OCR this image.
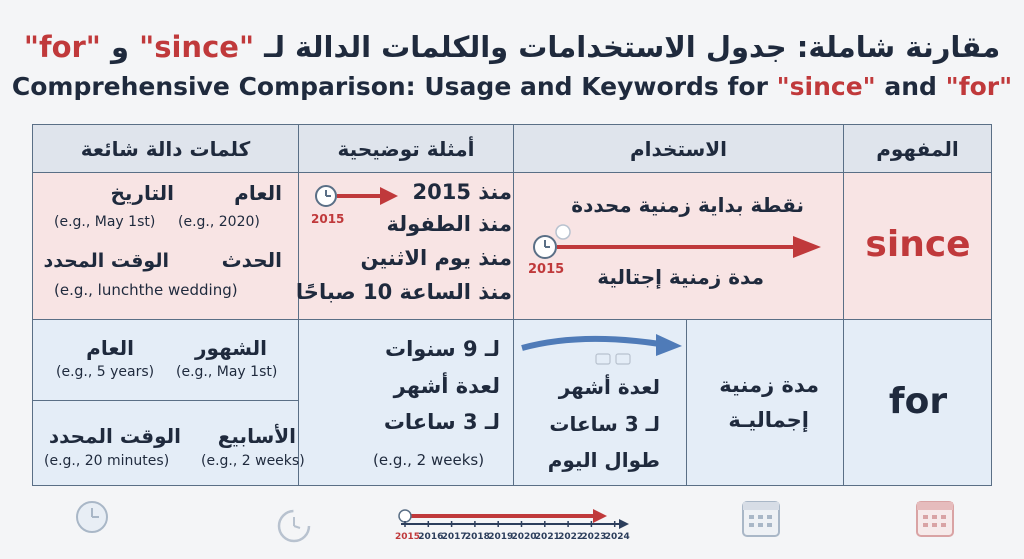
مقارنة شاملة: جدول الاستخدامات والكلمات الدالة لـ "since" و "for"
Comprehensive Comparison: Usage and Keywords for "since" and "for"
المفهوم
الاستخدام
أمثلة توضيحية
كلمات دالة شائعة
since
نقطة بداية زمنية محددة
مدة زمنية إجتالية
2015
2015
منذ 2015
منذ الطفولة
منذ يوم الاثنين
منذ الساعة 10 صباحًا
العام
(e.g., 2020)
التاريخ
(e.g., May 1st)
الحدث
الوقت المحدد
(e.g., lunchthe wedding)
for
مدة زمنية
إجماليـة
لعدة أشهر
لـ 3 ساعات
طوال اليوم
لـ 9 سنوات
لعدة أشهر
لـ 3 ساعات
(e.g., 2 weeks)
الشهور
(e.g., May 1st)
العام
(e.g., 5 years)
الأسابيع
(e.g., 2 weeks)
الوقت المحدد
(e.g., 20 minutes)
2015
2016
2017
2018
2019
2020
2021
2022
2023
2024
